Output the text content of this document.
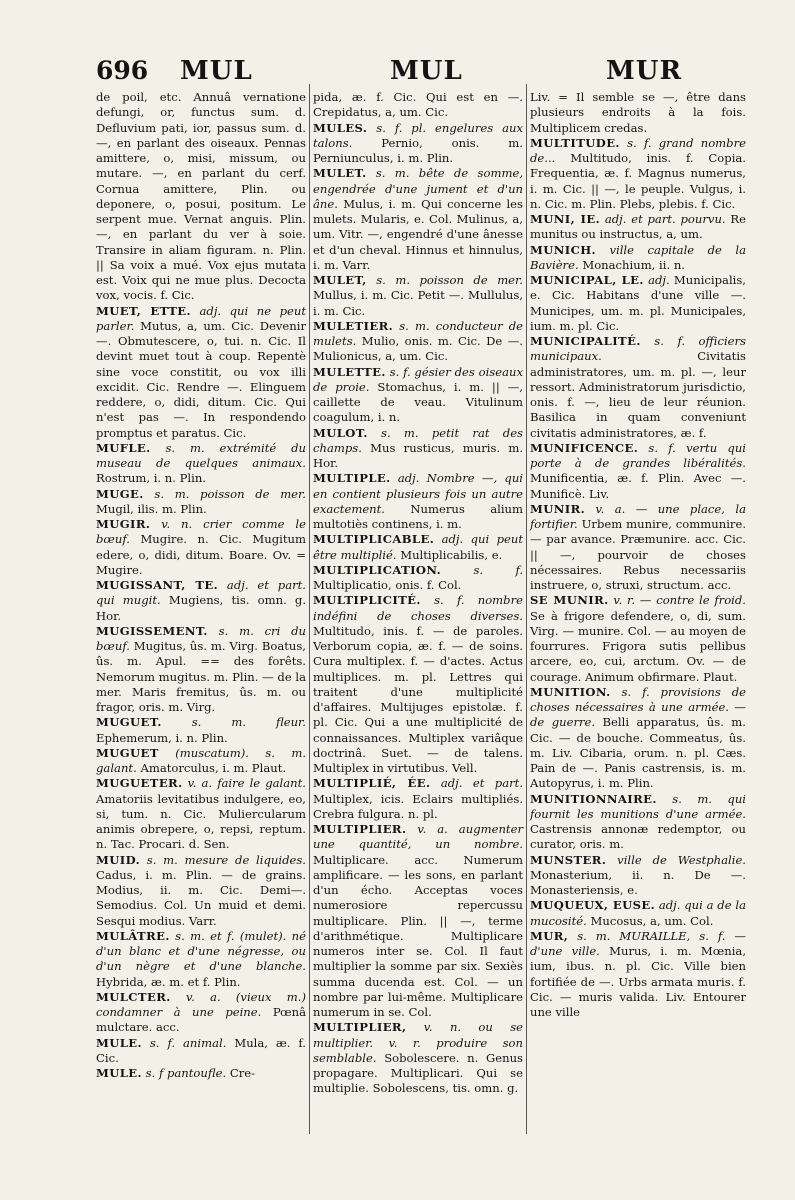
696 MUL	MUL	MUR

de poil, etc. Annuâ vernatione defungi, or, functus sum. d. Defluvium pati, ior, passus sum. d. —, en parlant des oiseaux. Pennas amittere, o, misi, missum, ou mutare. —, en parlant du cerf. Cornua amittere, Plin. ou deponere, o, posui, positum. Le serpent mue. Vernat anguis. Plin. —, en parlant du ver à soie. Transire in aliam figuram. n. Plin. || Sa voix a mué. Vox ejus mutata est. Voix qui ne mue plus. Decocta vox, vocis. f. Cic.

MUET, ETTE. adj. qui ne peut parler. Mutus, a, um. Cic. Devenir —. Obmutescere, o, tui. n. Cic. Il devint muet tout à coup. Repentè sine voce constitit, ou vox illi excidit. Cic. Rendre —. Elinguem reddere, o, didi, ditum. Cic. Qui n'est pas —. In respondendo promptus et paratus. Cic.

MUFLE. s. m. extrémité du museau de quelques animaux. Rostrum, i. n. Plin.

MUGE. s. m. poisson de mer. Mugil, ilis. m. Plin.

MUGIR. v. n. crier comme le bœuf. Mugire. n. Cic. Mugitum edere, o, didi, ditum. Boare. Ov. = Mugire.

MUGISSANT, TE. adj. et part. qui mugit. Mugiens, tis. omn. g. Hor.

MUGISSEMENT. s. m. cri du bœuf. Mugitus, ûs. m. Virg. Boatus, ûs. m. Apul. == des forêts. Nemorum mugitus. m. Plin. — de la mer. Maris fremitus, ûs. m. ou fragor, oris. m. Virg.

MUGUET.	s. m. fleur. Ephemerum, i. n. Plin.

MUGUET (muscatum). s. m. galant. Amatorculus, i. m. Plaut.

MUGUETER. v. a. faire le galant. Amatoriis levitatibus indulgere, eo, si, tum. n. Cic. Muliercularum animis obrepere, o, repsi, reptum. n. Tac. Procari. d. Sen.

MUID. s. m. mesure de liquides. Cadus, i. m. Plin. — de grains. Modius, ii. m. Cic. Demi—. Semodius. Col. Un muid et demi. Sesqui modius. Varr.

MULÂTRE. s. m. et f. (mulet). né d'un blanc et d'une négresse, ou d'un nègre et d'une blanche. Hybrida, æ. m. et f. Plin.

MULCTER. v. a. (vieux m.) condamner à une peine. Pœnâ mulctare. acc.

MULE. s. f. animal. Mula, æ. f. Cic.

MULE. s. f pantoufle. Cre-

pida, æ. f. Cic. Qui est en —. Crepidatus, a, um. Cic.

MULES. s. f. pl. engelures aux talons. Pernio, onis. m. Perniunculus, i. m. Plin.

MULET. s. m. bête de somme, engendrée d'une jument et d'un âne. Mulus, i. m. Qui concerne les mulets. Mularis, e. Col. Mulinus, a, um. Vitr. —, engendré d'une ânesse et d'un cheval. Hinnus et hinnulus, i. m. Varr.

MULET, s. m. poisson de mer. Mullus, i. m. Cic. Petit —. Mullulus, i. m. Cic.

MULETIER. s. m. conducteur de mulets. Mulio, onis. m. Cic. De —. Mulionicus, a, um. Cic.

MULETTE. s. f. gésier des oiseaux de proie. Stomachus, i. m. || —, caillette de veau. Vitulinum coagulum, i. n.

MULOT. s. m. petit rat des champs. Mus rusticus, muris. m. Hor.

MULTIPLE. adj. Nombre —, qui en contient plusieurs fois un autre exactement. Numerus alium multotiès continens, i. m.

MULTIPLICABLE. adj. qui peut être multiplié. Multiplicabilis, e.

MULTIPLICATION.	s. f. Multiplicatio, onis. f. Col.

MULTIPLICITÉ. s. f. nombre indéfini de choses diverses. Multitudo, inis. f. — de paroles. Verborum copia, æ. f. — de soins. Cura multiplex. f. — d'actes. Actus multiplices. m. pl. Lettres qui traitent d'une multiplicité d'affaires. Multijuges epistolæ. f. pl. Cic. Qui a une multiplicité de connaissances. Multiplex variâque doctrinâ. Suet. — de talens. Multiplex in virtutibus. Vell.

MULTIPLIÉ, ÉE. adj. et part. Multiplex, icis. Eclairs multipliés. Crebra fulgura. n. pl.

MULTIPLIER. v. a. augmenter une quantité, un nombre. Multiplicare. acc. Numerum amplificare. — les sons, en parlant d'un écho. Acceptas voces numerosiore repercussu multiplicare. Plin. || —, terme d'arithmétique. Multiplicare numeros inter se. Col. Il faut multiplier la somme par six. Sexiès summa ducenda est. Col. — un nombre par lui-même. Multiplicare numerum in se. Col.

MULTIPLIER, v. n. ou se multiplier. v. r. produire son semblable. Sobolescere. n. Genus propagare. Multiplicari. Qui se multiplie. Sobolescens, tis. omn. g.

Liv. = Il semble se —, être dans plusieurs endroits à la fois. Multiplicem credas.

MULTITUDE. s. f. grand nombre de... Multitudo, inis. f. Copia. Frequentia, æ. f. Magnus numerus, i. m. Cic. || —, le peuple. Vulgus, i. n. Cic. m. Plin. Plebs, plebis. f. Cic.

MUNI, IE. adj. et part. pourvu. Re munitus ou instructus, a, um.

MUNICH. ville capitale de la Bavière. Monachium, ii. n.

MUNICIPAL, LE. adj. Municipalis, e. Cic. Habitans d'une ville —. Municipes, um. m. pl. Municipales, ium. m. pl. Cic.

MUNICIPALITÉ. s. f. officiers municipaux.	Civitatis administratores, um. m. pl. —, leur ressort. Administratorum jurisdictio, onis. f. —, lieu de leur réunion. Basilica in quam conveniunt civitatis administratores, æ. f.

MUNIFICENCE. s. f. vertu qui porte à de grandes libéralités. Munificentia, æ. f. Plin. Avec —. Munificè. Liv.

MUNIR. v. a. — une place, la fortifier. Urbem munire, communire. — par avance. Præmunire. acc. Cic. || —, pourvoir de choses nécessaires. Rebus necessariis instruere, o, struxi, structum. acc.

SE MUNIR. v. r. — contre le froid. Se à frigore defendere, o, di, sum. Virg. — munire. Col. — au moyen de fourrures. Frigora sutis pellibus arcere, eo, cui, arctum. Ov. — de courage. Animum obfirmare. Plaut.

MUNITION. s. f. provisions de choses nécessaires à une armée. — de guerre. Belli apparatus, ûs. m. Cic. — de bouche. Commeatus, ûs. m. Liv. Cibaria, orum. n. pl. Cæs. Pain de —. Panis castrensis, is. m. Autopyrus, i. m. Plin.

MUNITIONNAIRE. s. m. qui fournit les munitions d'une armée. Castrensis annonæ redemptor, ou curator, oris. m.

MUNSTER. ville de Westphalie. Monasterium, ii. n. De —. Monasteriensis, e.

MUQUEUX, EUSE. adj. qui a de la mucosité. Mucosus, a, um. Col.

MUR, s. m. MURAILLE, s. f. — d'une ville. Murus, i. m. Mœnia, ium, ibus. n. pl. Cic. Ville bien fortifiée de —. Urbs armata muris. f. Cic. — muris valida. Liv. Entourer une ville
